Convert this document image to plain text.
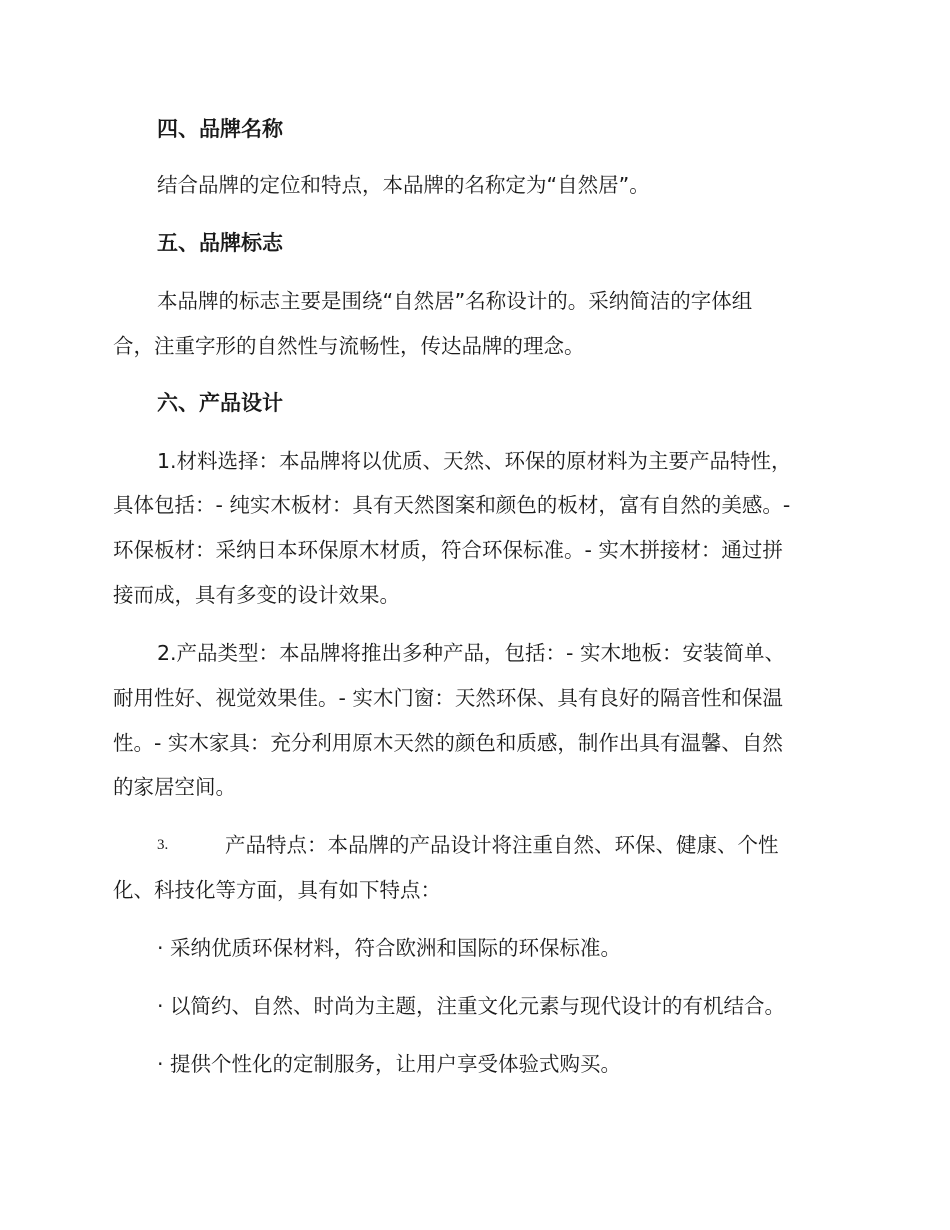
四、品牌名称
结合品牌的定位和特点，本品牌的名称定为“自然居”。
五、品牌标志
本品牌的标志主要是围绕“自然居”名称设计的。采纳简洁的字体组
合，注重字形的自然性与流畅性，传达品牌的理念。
六、产品设计
1.材料选择：本品牌将以优质、天然、环保的原材料为主要产品特性，
具体包括：- 纯实木板材：具有天然图案和颜色的板材，富有自然的美感。-
环保板材：采纳日本环保原木材质，符合环保标准。- 实木拼接材：通过拼
接而成，具有多变的设计效果。
2.产品类型：本品牌将推出多种产品，包括：- 实木地板：安装简单、
耐用性好、视觉效果佳。- 实木门窗：天然环保、具有良好的隔音性和保温
性。- 实木家具：充分利用原木天然的颜色和质感，制作出具有温馨、自然
的家居空间。
3.	产品特点：本品牌的产品设计将注重自然、环保、健康、个性
化、科技化等方面，具有如下特点：
· 采纳优质环保材料，符合欧洲和国际的环保标准。
· 以简约、自然、时尚为主题，注重文化元素与现代设计的有机结合。
· 提供个性化的定制服务，让用户享受体验式购买。
